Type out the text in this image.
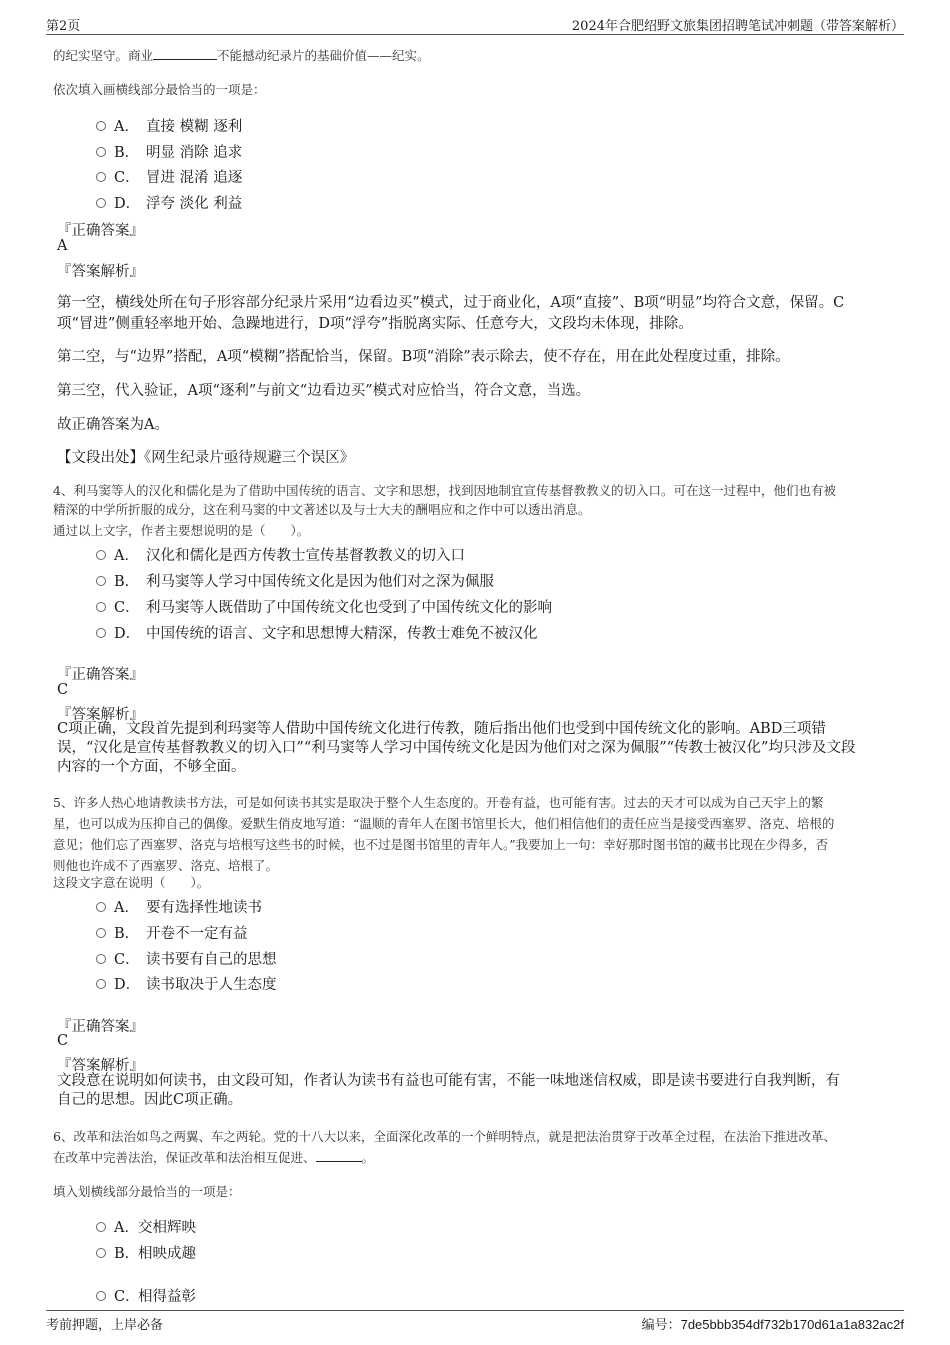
第2页	2024年合肥绍野文旅集团招聘笔试冲刺题（带答案解析）
的纪实坚守。商业	不能撼动纪录片的基础价值——纪实。
依次填入画横线部分最恰当的一项是：
A． 直接 模糊 逐利
B． 明显 消除 追求
C． 冒进 混淆 追逐
D． 浮夸 淡化 利益
『正确答案』
A
『答案解析』
第一空，横线处所在句子形容部分纪录片采用“边看边买”模式，过于商业化，A项“直接”、B项“明显”均符合文意，保留。C
项“冒进”侧重轻率地开始、急躁地进行，D项“浮夸”指脱离实际、任意夸大，文段均未体现，排除。
第二空，与“边界”搭配，A项“模糊”搭配恰当，保留。B项“消除”表示除去，使不存在，用在此处程度过重，排除。
第三空，代入验证，A项“逐利”与前文“边看边买”模式对应恰当，符合文意，当选。
故正确答案为A。
【文段出处】《网生纪录片亟待规避三个误区》
4、利马窦等人的汉化和儒化是为了借助中国传统的语言、文字和思想，找到因地制宜宣传基督教教义的切入口。可在这一过程中，他们也有被
精深的中学所折服的成分，这在利马窦的中文著述以及与士大夫的酬唱应和之作中可以透出消息。
通过以上文字，作者主要想说明的是（　　）。
A． 汉化和儒化是西方传教士宣传基督教教义的切入口
B． 利马窦等人学习中国传统文化是因为他们对之深为佩服
C． 利马窦等人既借助了中国传统文化也受到了中国传统文化的影响
D． 中国传统的语言、文字和思想博大精深，传教士难免不被汉化
『正确答案』
C
『答案解析』
C项正确，文段首先提到利玛窦等人借助中国传统文化进行传教，随后指出他们也受到中国传统文化的影响。ABD三项错
误，“汉化是宣传基督教教义的切入口”“利马窦等人学习中国传统文化是因为他们对之深为佩服”“传教士被汉化”均只涉及文段
内容的一个方面，不够全面。
5、许多人热心地请教读书方法，可是如何读书其实是取决于整个人生态度的。开卷有益，也可能有害。过去的天才可以成为自己天宇上的繁
星，也可以成为压抑自己的偶像。爱默生俏皮地写道：“温顺的青年人在图书馆里长大，他们相信他们的责任应当是接受西塞罗、洛克、培根的
意见；他们忘了西塞罗、洛克与培根写这些书的时候，也不过是图书馆里的青年人。”我要加上一句：幸好那时图书馆的藏书比现在少得多，否
则他也许成不了西塞罗、洛克、培根了。
这段文字意在说明（　　）。
A． 要有选择性地读书
B． 开卷不一定有益
C． 读书要有自己的思想
D． 读书取决于人生态度
『正确答案』
C
『答案解析』
文段意在说明如何读书，由文段可知，作者认为读书有益也可能有害，不能一味地迷信权威，即是读书要进行自我判断，有
自己的思想。因此C项正确。
6、改革和法治如鸟之两翼、车之两轮。党的十八大以来，全面深化改革的一个鲜明特点，就是把法治贯穿于改革全过程，在法治下推进改革、
在改革中完善法治，保证改革和法治相互促进、	。
填入划横线部分最恰当的一项是：
A． 交相辉映
B．
相映成趣
C．
相得益彰
考前押题，上岸必备	编号：7de5bbb354df732b170d61a1a832ac2f
